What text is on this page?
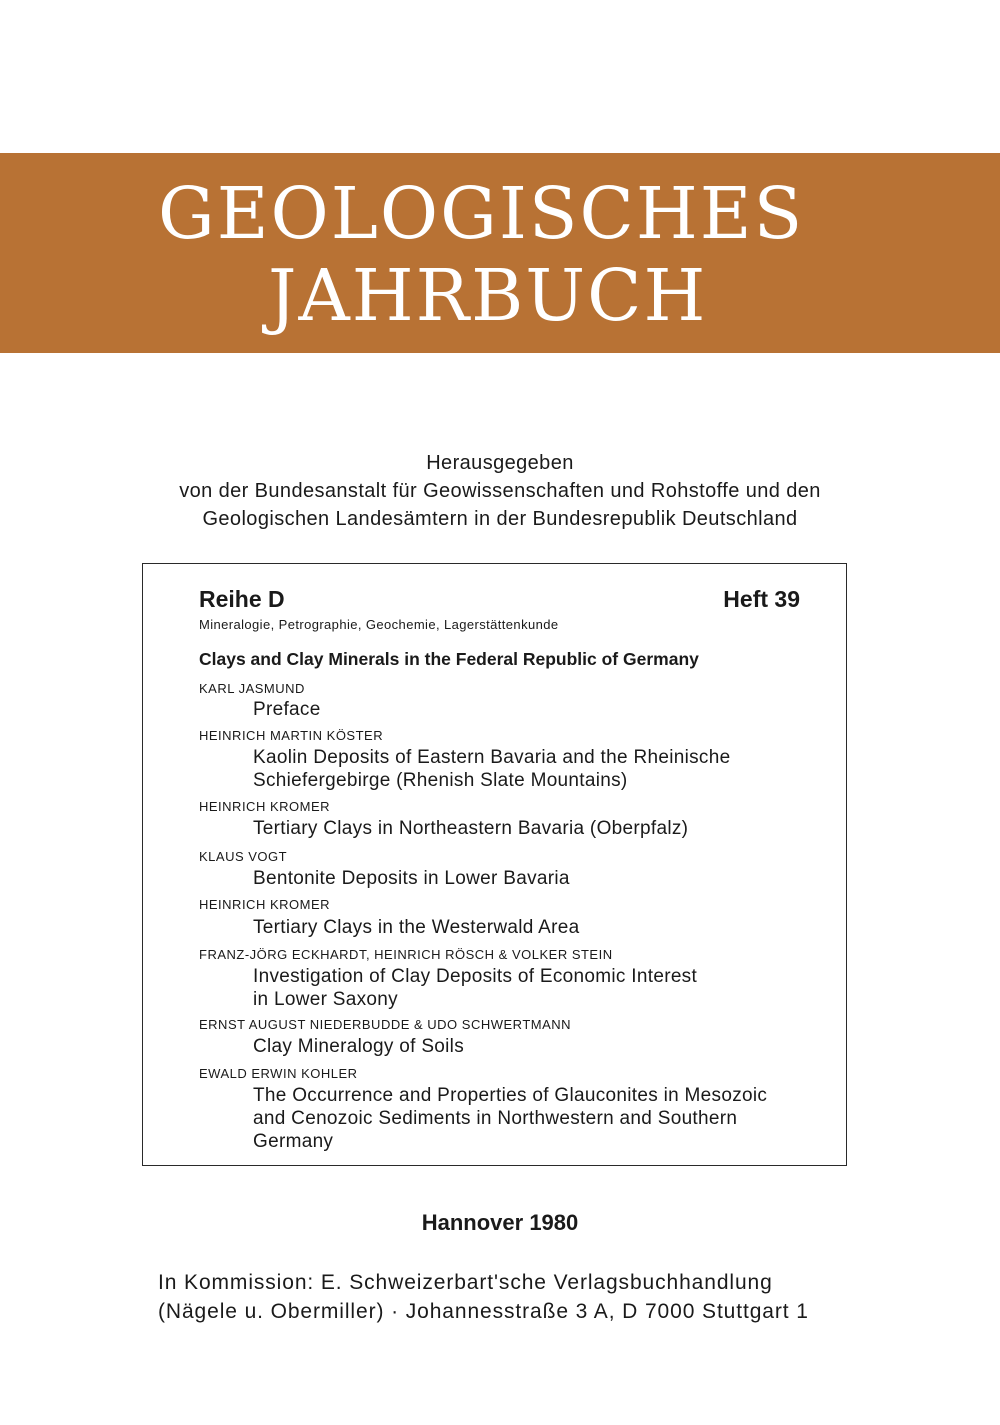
GEOLOGISCHES
JAHRBUCH
Herausgegeben
von der Bundesanstalt für Geowissenschaften und Rohstoffe und den
Geologischen Landesämtern in der Bundesrepublik Deutschland
Reihe D	Heft 39
Mineralogie, Petrographie, Geochemie, Lagerstättenkunde
Clays and Clay Minerals in the Federal Republic of Germany
KARL JASMUND
Preface
HEINRICH MARTIN KÖSTER
Kaolin Deposits of Eastern Bavaria and the Rheinische
Schiefergebirge (Rhenish Slate Mountains)
HEINRICH KROMER
Tertiary Clays in Northeastern Bavaria (Oberpfalz)
KLAUS VOGT
Bentonite Deposits in Lower Bavaria
HEINRICH KROMER
Tertiary Clays in the Westerwald Area
FRANZ-JÖRG ECKHARDT, HEINRICH RÖSCH & VOLKER STEIN
Investigation of Clay Deposits of Economic Interest
in Lower Saxony
ERNST AUGUST NIEDERBUDDE & UDO SCHWERTMANN
Clay Mineralogy of Soils
EWALD ERWIN KOHLER
The Occurrence and Properties of Glauconites in Mesozoic
and Cenozoic Sediments in Northwestern and Southern
Germany
Hannover 1980
In Kommission: E. Schweizerbart'sche Verlagsbuchhandlung
(Nägele u. Obermiller) · Johannesstraße 3 A, D 7000 Stuttgart 1
